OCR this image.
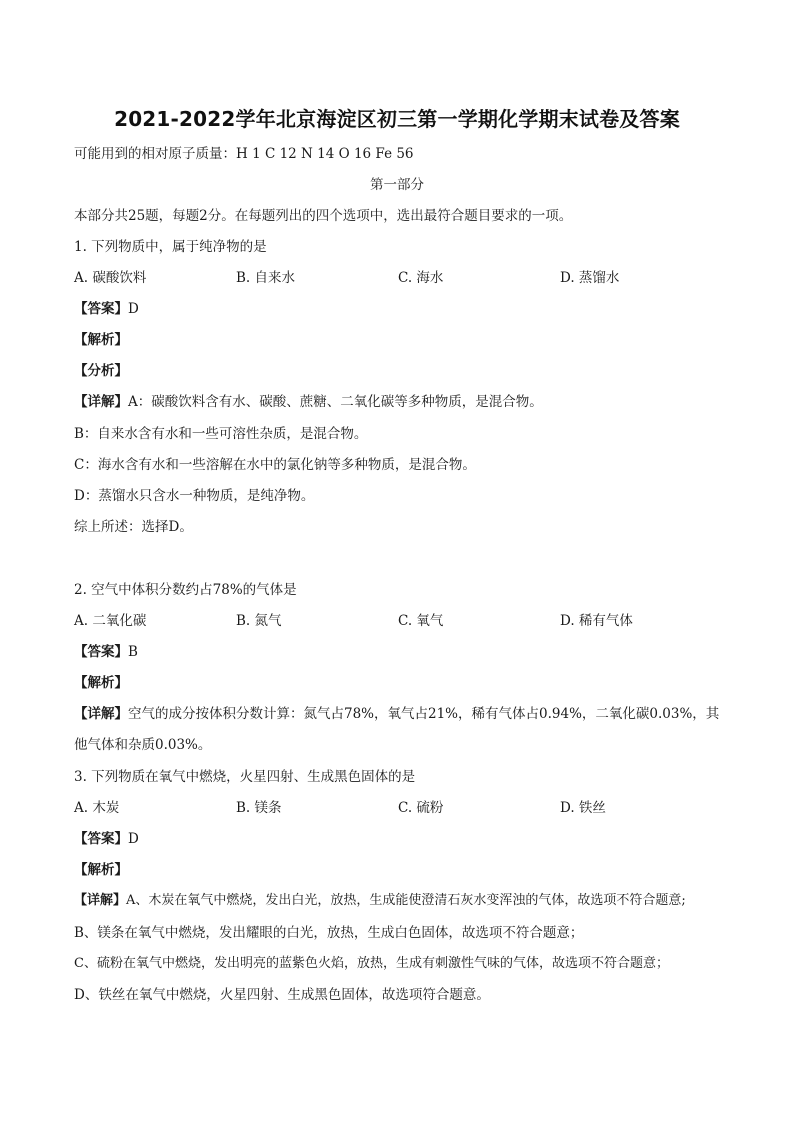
2021-2022学年北京海淀区初三第一学期化学期末试卷及答案
可能用到的相对原子质量：H 1 C 12 N 14 O 16 Fe 56
第一部分
本部分共25题，每题2分。在每题列出的四个选项中，选出最符合题目要求的一项。
1. 下列物质中，属于纯净物的是
A. 碳酸饮料	B. 自来水	C. 海水	D. 蒸馏水
【答案】D
【解析】
【分析】
【详解】A：碳酸饮料含有水、碳酸、蔗糖、二氧化碳等多种物质，是混合物。
B：自来水含有水和一些可溶性杂质，是混合物。
C：海水含有水和一些溶解在水中的氯化钠等多种物质，是混合物。
D：蒸馏水只含水一种物质，是纯净物。
综上所述：选择D。
2. 空气中体积分数约占78%的气体是
A. 二氧化碳	B. 氮气	C. 氧气	D. 稀有气体
【答案】B
【解析】
【详解】空气的成分按体积分数计算：氮气占78%，氧气占21%，稀有气体占0.94%，二氧化碳0.03%，其
他气体和杂质0.03%。
3. 下列物质在氧气中燃烧，火星四射、生成黑色固体的是
A. 木炭	B. 镁条	C. 硫粉	D. 铁丝
【答案】D
【解析】
【详解】A、木炭在氧气中燃烧，发出白光，放热，生成能使澄清石灰水变浑浊的气体，故选项不符合题意;
B、镁条在氧气中燃烧，发出耀眼的白光，放热，生成白色固体，故选项不符合题意；
C、硫粉在氧气中燃烧，发出明亮的蓝紫色火焰，放热，生成有刺激性气味的气体，故选项不符合题意；
D、铁丝在氧气中燃烧，火星四射、生成黑色固体，故选项符合题意。
